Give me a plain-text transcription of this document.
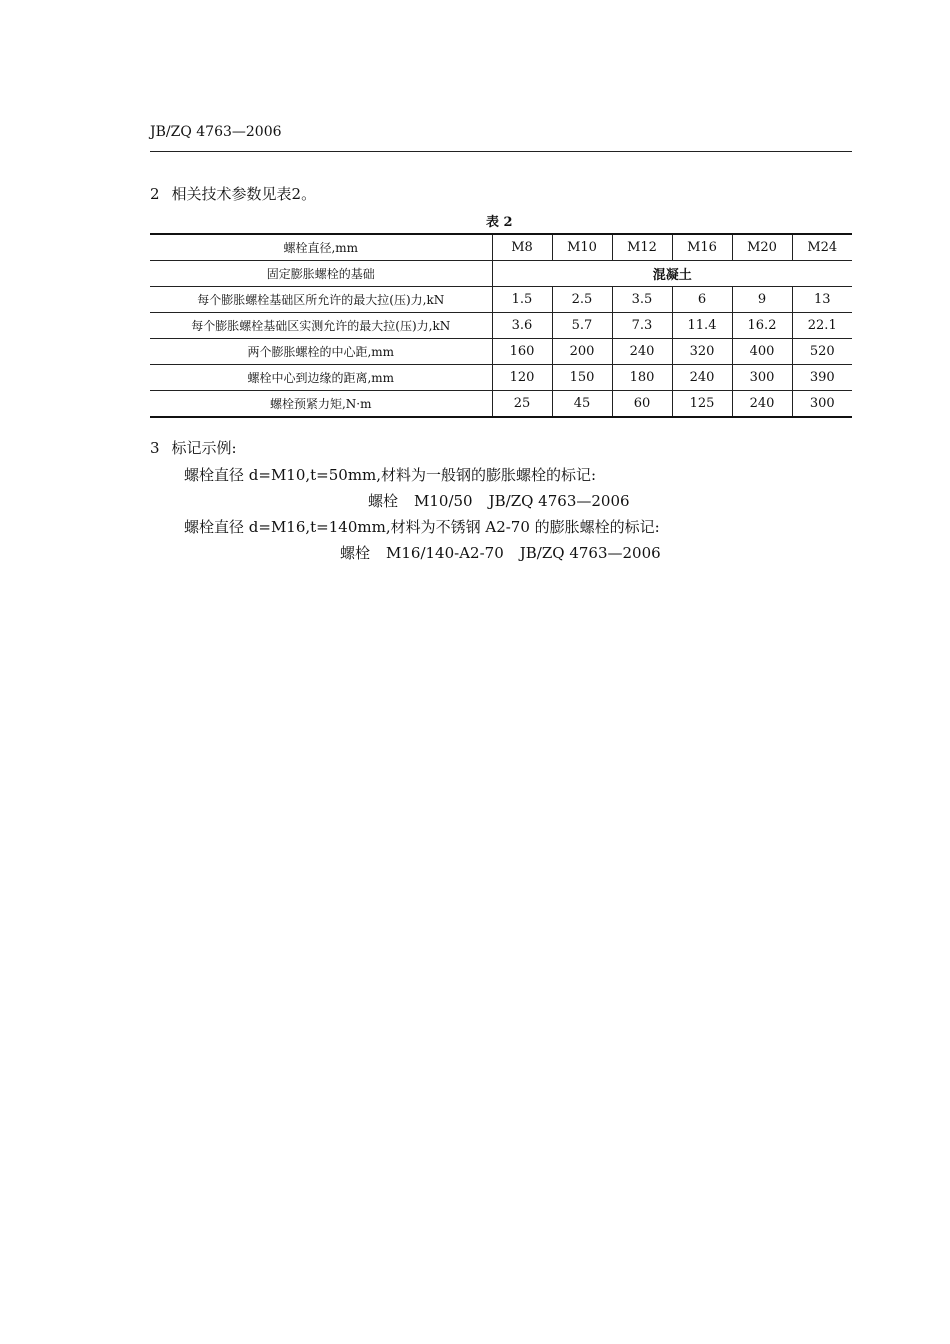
JB/ZQ 4763—2006
2 相关技术参数见表2。
表 2
螺栓直径,mm	M8	M10	M12	M16	M20	M24
固定膨胀螺栓的基础	混凝土					
每个膨胀螺栓基础区所允许的最大拉(压)力,kN	1.5	2.5	3.5	6	9	13
每个膨胀螺栓基础区实测允许的最大拉(压)力,kN	3.6	5.7	7.3	11.4	16.2	22.1
两个膨胀螺栓的中心距,mm	160	200	240	320	400	520
螺栓中心到边缘的距离,mm	120	150	180	240	300	390
螺栓预紧力矩,N·m	25	45	60	125	240	300
3 标记示例:
螺栓直径 d=M10,t=50mm,材料为一般钢的膨胀螺栓的标记:
螺栓 M10/50 JB/ZQ 4763—2006
螺栓直径 d=M16,t=140mm,材料为不锈钢 A2-70 的膨胀螺栓的标记:
螺栓 M16/140-A2-70 JB/ZQ 4763—2006
